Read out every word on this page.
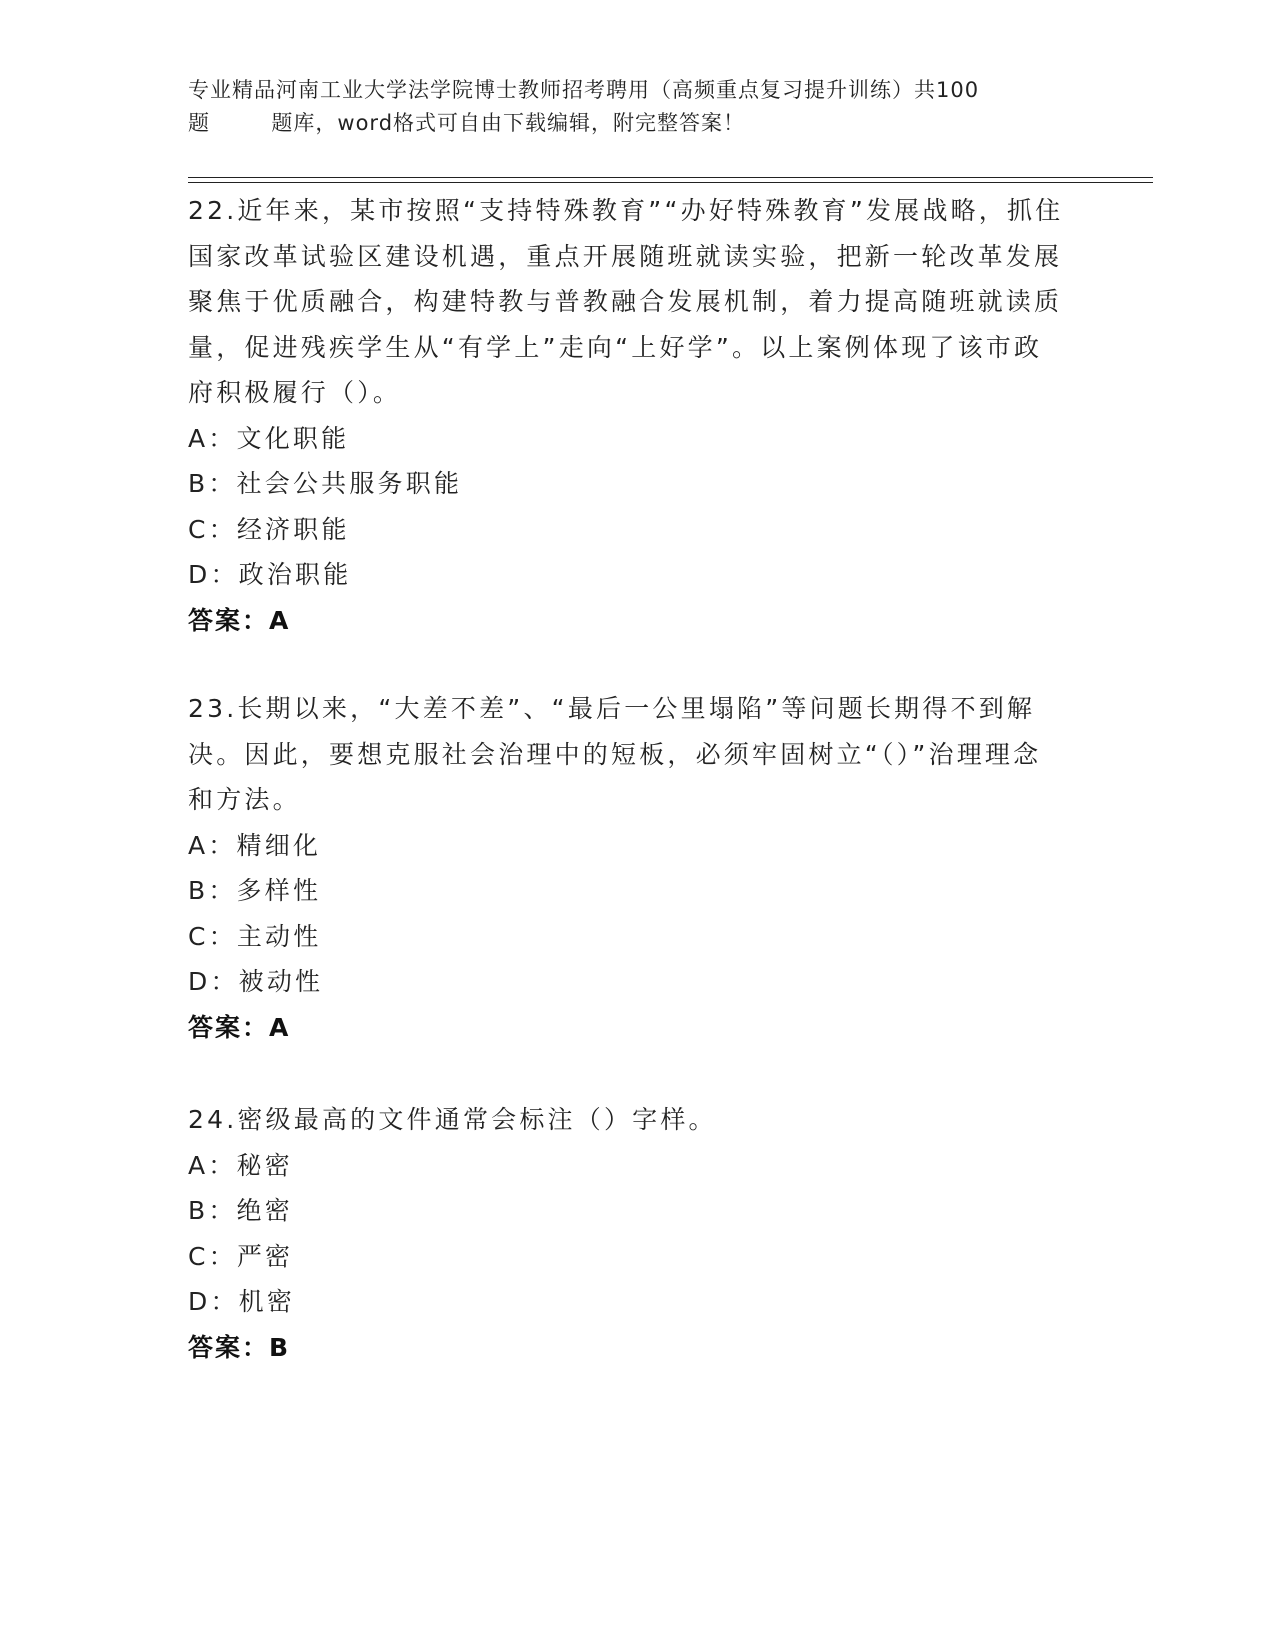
专业精品河南工业大学法学院博士教师招考聘用（高频重点复习提升训练）共100
题        题库，word格式可自由下载编辑，附完整答案！

22.近年来，某市按照“支持特殊教育”“办好特殊教育”发展战略，抓住国家改革试验区建设机遇，重点开展随班就读实验，把新一轮改革发展聚焦于优质融合，构建特教与普教融合发展机制，着力提高随班就读质量，促进残疾学生从“有学上”走向“上好学”。以上案例体现了该市政府积极履行（）。

A：文化职能

B：社会公共服务职能

C：经济职能

D：政治职能

答案：A

23.长期以来，“大差不差”、“最后一公里塌陷”等问题长期得不到解决。因此，要想克服社会治理中的短板，必须牢固树立“（）”治理理念和方法。

A：精细化

B：多样性

C：主动性

D：被动性

答案：A

24.密级最高的文件通常会标注（）字样。

A：秘密

B：绝密

C：严密

D：机密

答案：B
